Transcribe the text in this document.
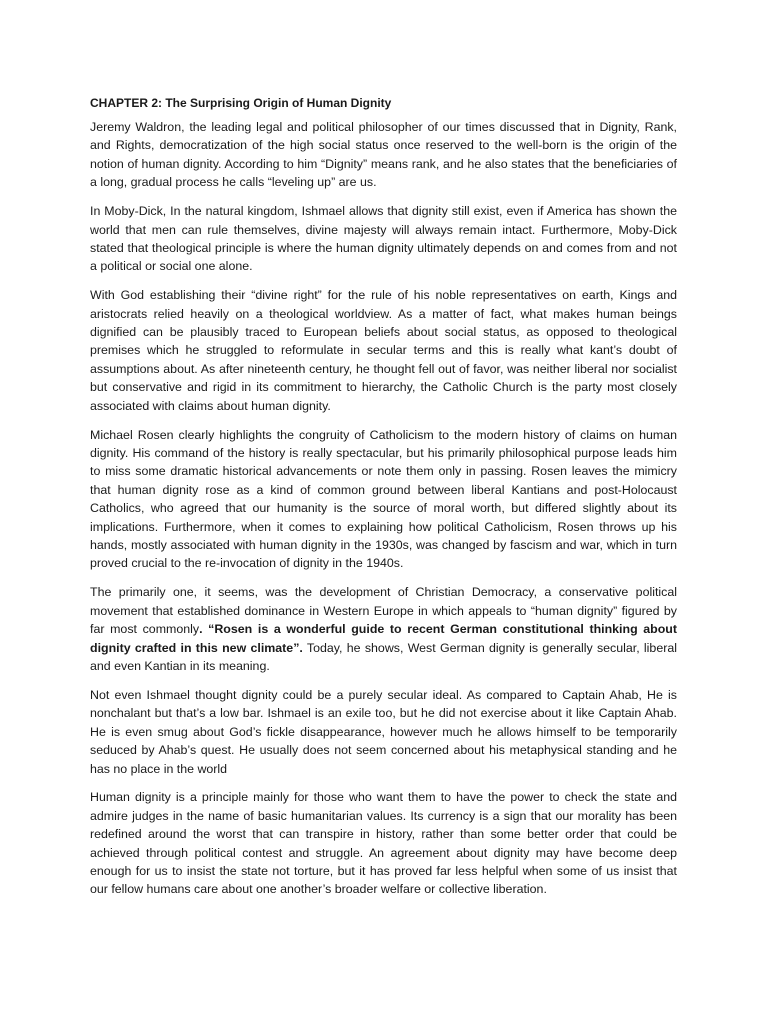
CHAPTER 2: The Surprising Origin of Human Dignity

Jeremy Waldron, the leading legal and political philosopher of our times discussed that in Dignity, Rank, and Rights, democratization of the high social status once reserved to the well-born is the origin of the notion of human dignity. According to him “Dignity” means rank, and he also states that the beneficiaries of a long, gradual process he calls “leveling up” are us.

In Moby-Dick, In the natural kingdom, Ishmael allows that dignity still exist, even if America has shown the world that men can rule themselves, divine majesty will always remain intact. Furthermore, Moby-Dick stated that theological principle is where the human dignity ultimately depends on and comes from and not a political or social one alone.

With God establishing their “divine right” for the rule of his noble representatives on earth, Kings and aristocrats relied heavily on a theological worldview. As a matter of fact, what makes human beings dignified can be plausibly traced to European beliefs about social status, as opposed to theological premises which he struggled to reformulate in secular terms and this is really what kant’s doubt of assumptions about. As after nineteenth century, he thought fell out of favor, was neither liberal nor socialist but conservative and rigid in its commitment to hierarchy, the Catholic Church is the party most closely associated with claims about human dignity.

Michael Rosen clearly highlights the congruity of Catholicism to the modern history of claims on human dignity. His command of the history is really spectacular, but his primarily philosophical purpose leads him to miss some dramatic historical advancements or note them only in passing. Rosen leaves the mimicry that human dignity rose as a kind of common ground between liberal Kantians and post-Holocaust Catholics, who agreed that our humanity is the source of moral worth, but differed slightly about its implications. Furthermore, when it comes to explaining how political Catholicism, Rosen throws up his hands, mostly associated with human dignity in the 1930s, was changed by fascism and war, which in turn proved crucial to the re-invocation of dignity in the 1940s.

The primarily one, it seems, was the development of Christian Democracy, a conservative political movement that established dominance in Western Europe in which appeals to “human dignity” figured by far most commonly. “Rosen is a wonderful guide to recent German constitutional thinking about dignity crafted in this new climate”. Today, he shows, West German dignity is generally secular, liberal and even Kantian in its meaning.

Not even Ishmael thought dignity could be a purely secular ideal. As compared to Captain Ahab, He is nonchalant but that’s a low bar. Ishmael is an exile too, but he did not exercise about it like Captain Ahab. He is even smug about God’s fickle disappearance, however much he allows himself to be temporarily seduced by Ahab’s quest. He usually does not seem concerned about his metaphysical standing and he has no place in the world

Human dignity is a principle mainly for those who want them to have the power to check the state and admire judges in the name of basic humanitarian values. Its currency is a sign that our morality has been redefined around the worst that can transpire in history, rather than some better order that could be achieved through political contest and struggle. An agreement about dignity may have become deep enough for us to insist the state not torture, but it has proved far less helpful when some of us insist that our fellow humans care about one another’s broader welfare or collective liberation.
